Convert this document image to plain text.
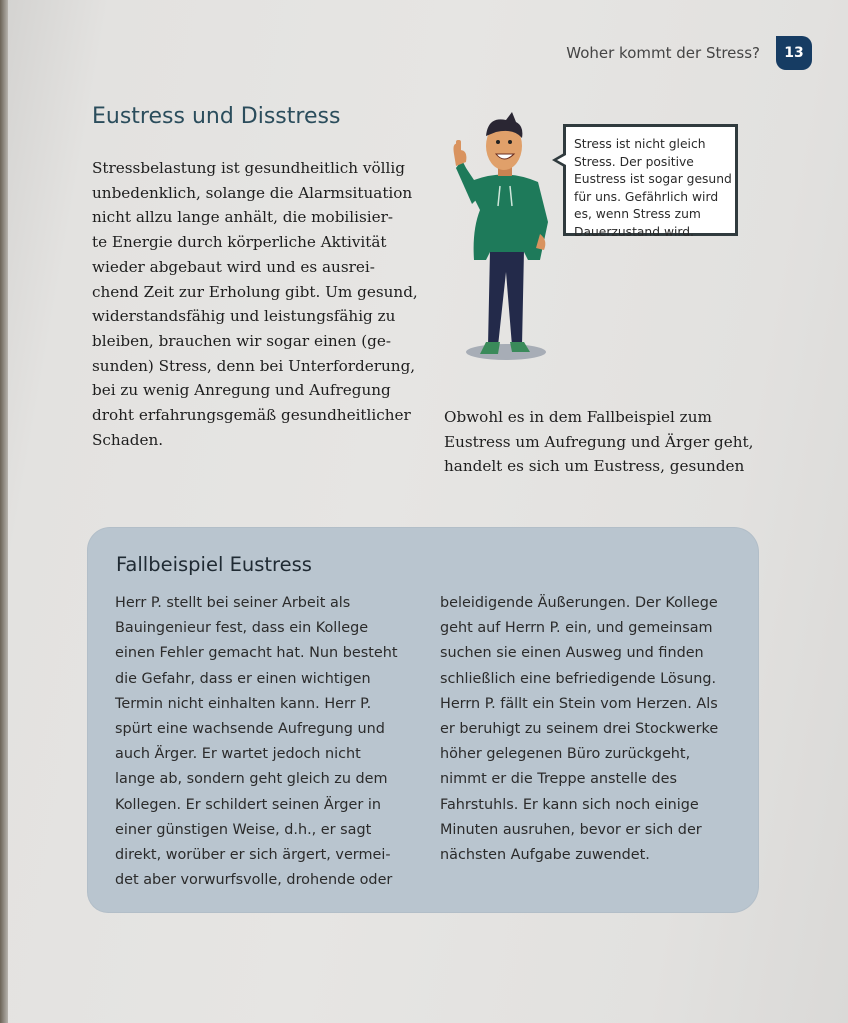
Woher kommt der Stress?	13
Eustress und Disstress
Stressbelastung ist gesundheitlich völlig
unbedenklich, solange die Alarmsituation
nicht allzu lange anhält, die mobilisier-
te Energie durch körperliche Aktivität
wieder abgebaut wird und es ausrei-
chend Zeit zur Erholung gibt. Um gesund,
widerstandsfähig und leistungsfähig zu
bleiben, brauchen wir sogar einen (ge-
sunden) Stress, denn bei Unterforderung,
bei zu wenig Anregung und Aufregung
droht erfahrungsgemäß gesundheitlicher
Schaden.
Stress ist nicht gleich
Stress. Der positive
Eustress ist sogar gesund
für uns. Gefährlich wird
es, wenn Stress zum
Dauerzustand wird.
Obwohl es in dem Fallbeispiel zum
Eustress um Aufregung und Ärger geht,
handelt es sich um Eustress, gesunden
Fallbeispiel Eustress
Herr P. stellt bei seiner Arbeit als
Bauingenieur fest, dass ein Kollege
einen Fehler gemacht hat. Nun besteht
die Gefahr, dass er einen wichtigen
Termin nicht einhalten kann. Herr P.
spürt eine wachsende Aufregung und
auch Ärger. Er wartet jedoch nicht
lange ab, sondern geht gleich zu dem
Kollegen. Er schildert seinen Ärger in
einer günstigen Weise, d.h., er sagt
direkt, worüber er sich ärgert, vermei-
det aber vorwurfsvolle, drohende oder
beleidigende Äußerungen. Der Kollege
geht auf Herrn P. ein, und gemeinsam
suchen sie einen Ausweg und finden
schließlich eine befriedigende Lösung.
Herrn P. fällt ein Stein vom Herzen. Als
er beruhigt zu seinem drei Stockwerke
höher gelegenen Büro zurückgeht,
nimmt er die Treppe anstelle des
Fahrstuhls. Er kann sich noch einige
Minuten ausruhen, bevor er sich der
nächsten Aufgabe zuwendet.
